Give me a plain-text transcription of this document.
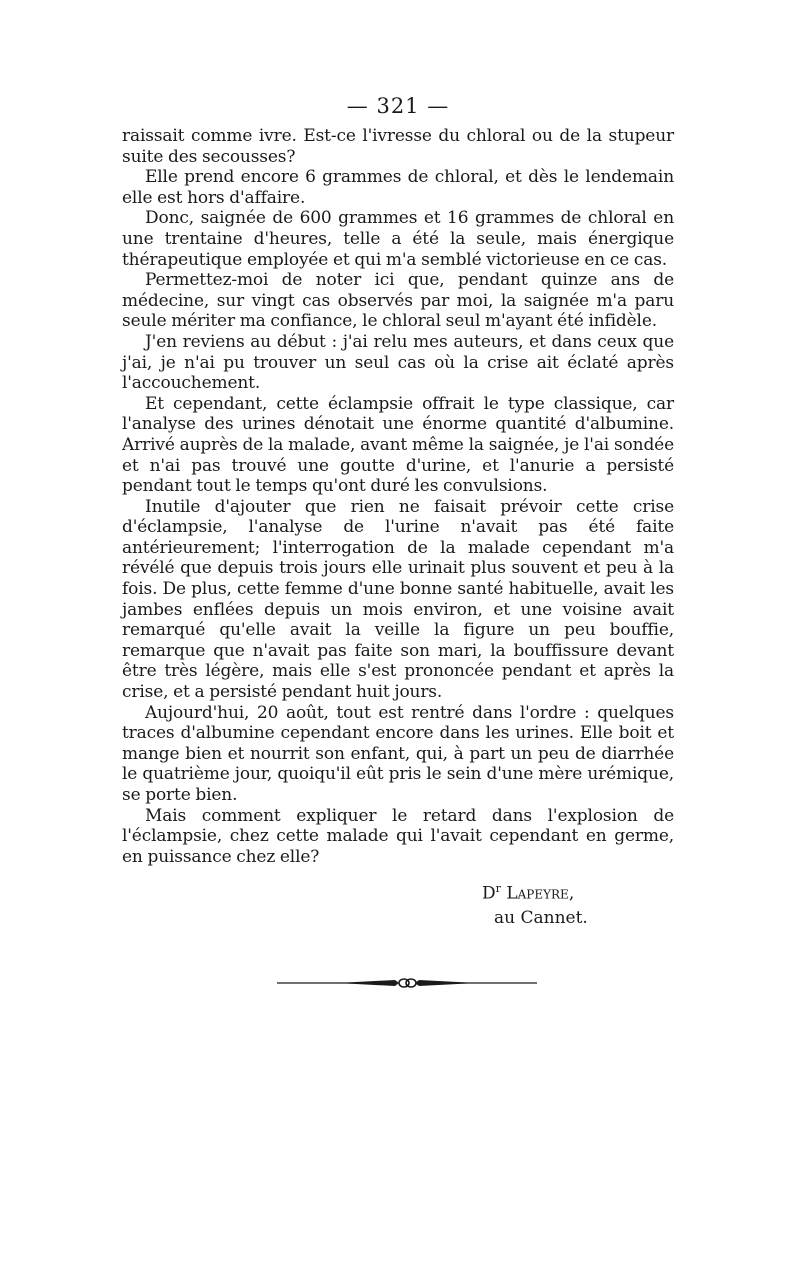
— 321 —

raissait comme ivre. Est-ce l'ivresse du chloral ou de la stupeur suite des secousses?

Elle prend encore 6 grammes de chloral, et dès le lendemain elle est hors d'affaire.

Donc, saignée de 600 grammes et 16 grammes de chloral en une trentaine d'heures, telle a été la seule, mais énergique thérapeutique employée et qui m'a semblé victorieuse en ce cas.

Permettez-moi de noter ici que, pendant quinze ans de médecine, sur vingt cas observés par moi, la saignée m'a paru seule mériter ma confiance, le chloral seul m'ayant été infidèle.

J'en reviens au début : j'ai relu mes auteurs, et dans ceux que j'ai, je n'ai pu trouver un seul cas où la crise ait éclaté après l'accouchement.

Et cependant, cette éclampsie offrait le type classique, car l'analyse des urines dénotait une énorme quantité d'albumine. Arrivé auprès de la malade, avant même la saignée, je l'ai sondée et n'ai pas trouvé une goutte d'urine, et l'anurie a persisté pendant tout le temps qu'ont duré les convulsions.

Inutile d'ajouter que rien ne faisait prévoir cette crise d'éclampsie, l'analyse de l'urine n'avait pas été faite antérieurement; l'interrogation de la malade cependant m'a révélé que depuis trois jours elle urinait plus souvent et peu à la fois. De plus, cette femme d'une bonne santé habituelle, avait les jambes enflées depuis un mois environ, et une voisine avait remarqué qu'elle avait la veille la figure un peu bouffie, remarque que n'avait pas faite son mari, la bouffissure devant être très légère, mais elle s'est prononcée pendant et après la crise, et a persisté pendant huit jours.

Aujourd'hui, 20 août, tout est rentré dans l'ordre : quelques traces d'albumine cependant encore dans les urines. Elle boit et mange bien et nourrit son enfant, qui, à part un peu de diarrhée le quatrième jour, quoiqu'il eût pris le sein d'une mère urémique, se porte bien.

Mais comment expliquer le retard dans l'explosion de l'éclampsie, chez cette malade qui l'avait cependant en germe, en puissance chez elle?

$D^r$ Lapeyre,
au Cannet.
